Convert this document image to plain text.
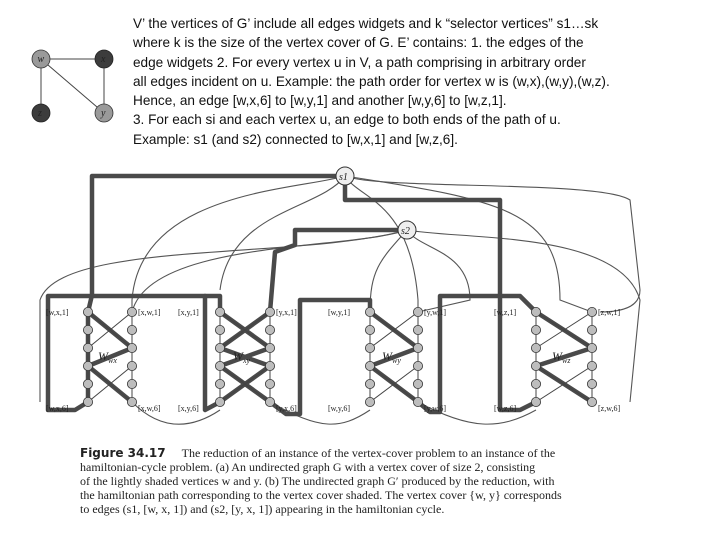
w	x
z	y
V’ the vertices of G’ include all edges widgets and k “selector vertices” s1…sk
where k is the size of the vertex cover of G. E’ contains: 1. the edges of the
edge widgets 2. For every vertex u in V, a path comprising in arbitrary order
all edges incident on u. Example: the path order for vertex w is (w,x),(w,y),(w,z).
Hence, an edge [w,x,6] to [w,y,1] and another [w,y,6] to [w,z,1].
3. For each si and each vertex u, an edge to both ends of the path of u.
Example: s1 (and s2) connected to [w,x,1] and [w,z,6].
$W_{wx}$
[w,x,1]	[x,w,1]
[w,x,6]	[x,w,6]
$W_{xy}$
[x,y,1]	[y,x,1]
[x,y,6]	[y,x,6]
$W_{wy}$
[w,y,1]	[y,w,1]
[w,y,6]	[y,w,6]
$W_{wz}$
[w,z,1]	[z,w,1]
[w,z,6]	[z,w,6]
s1
s2
Figure 34.17 The reduction of an instance of the vertex-cover problem to an instance of the
hamiltonian-cycle problem. (a) An undirected graph G with a vertex cover of size 2, consisting
of the lightly shaded vertices w and y. (b) The undirected graph G′ produced by the reduction, with
the hamiltonian path corresponding to the vertex cover shaded. The vertex cover {w, y} corresponds
to edges (s1, [w, x, 1]) and (s2, [y, x, 1]) appearing in the hamiltonian cycle.
